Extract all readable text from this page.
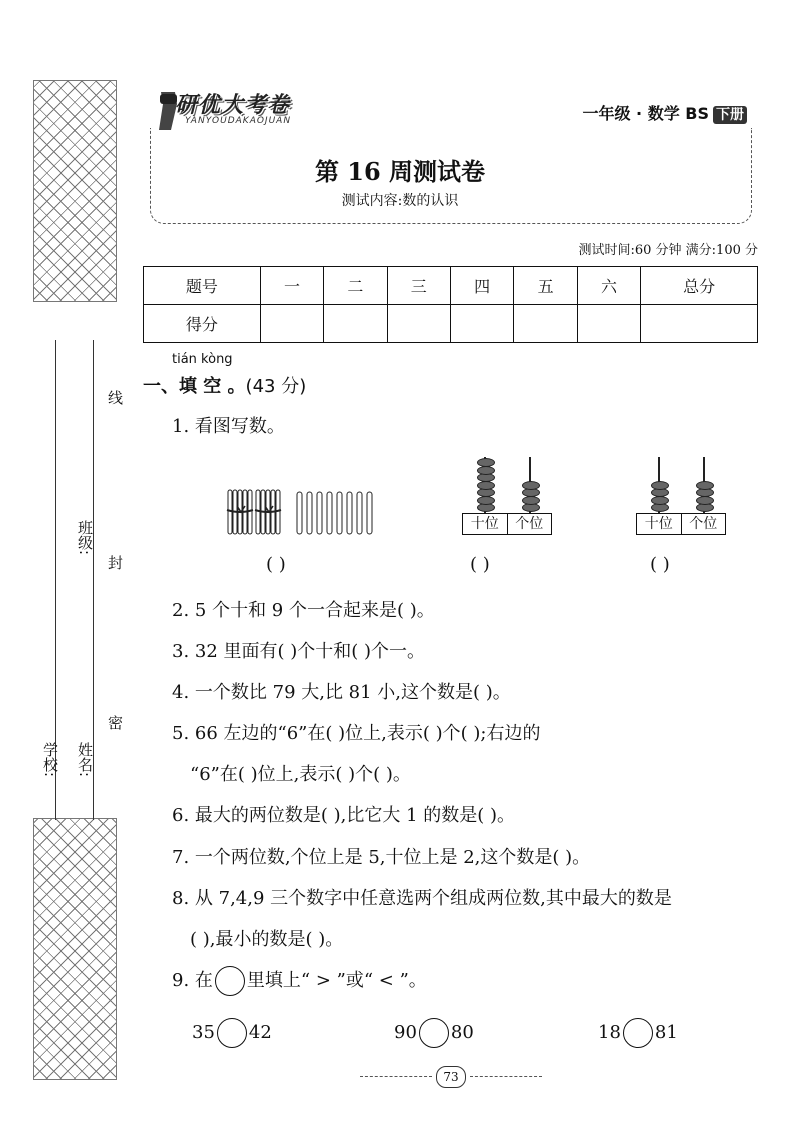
线
封
密
班级:
学校: 姓名:
研优大考卷
YANYOUDAKAOJUAN	一年级 · 数学 BS 下册
第 16 周测试卷
测试内容:数的认识
测试时间:60 分钟 满分:100 分
题号	一	二	三	四	五	六	总分
得分							
tián kòng
一、填 空 。(43 分)
1. 看图写数。
十位	个位	十位	个位
( )	( )	( )
2. 5 个十和 9 个一合起来是( )。
3. 32 里面有( )个十和( )个一。
4. 一个数比 79 大,比 81 小,这个数是( )。
5. 66 左边的“6”在( )位上,表示( )个( );右边的
“6”在( )位上,表示( )个( )。
6. 最大的两位数是( ),比它大 1 的数是( )。
7. 一个两位数,个位上是 5,十位上是 2,这个数是( )。
8. 从 7,4,9 三个数字中任意选两个组成两位数,其中最大的数是
( ),最小的数是( )。
9. 在 里填上“ > ”或“ < ”。
35 42	90 80	18 81
73
